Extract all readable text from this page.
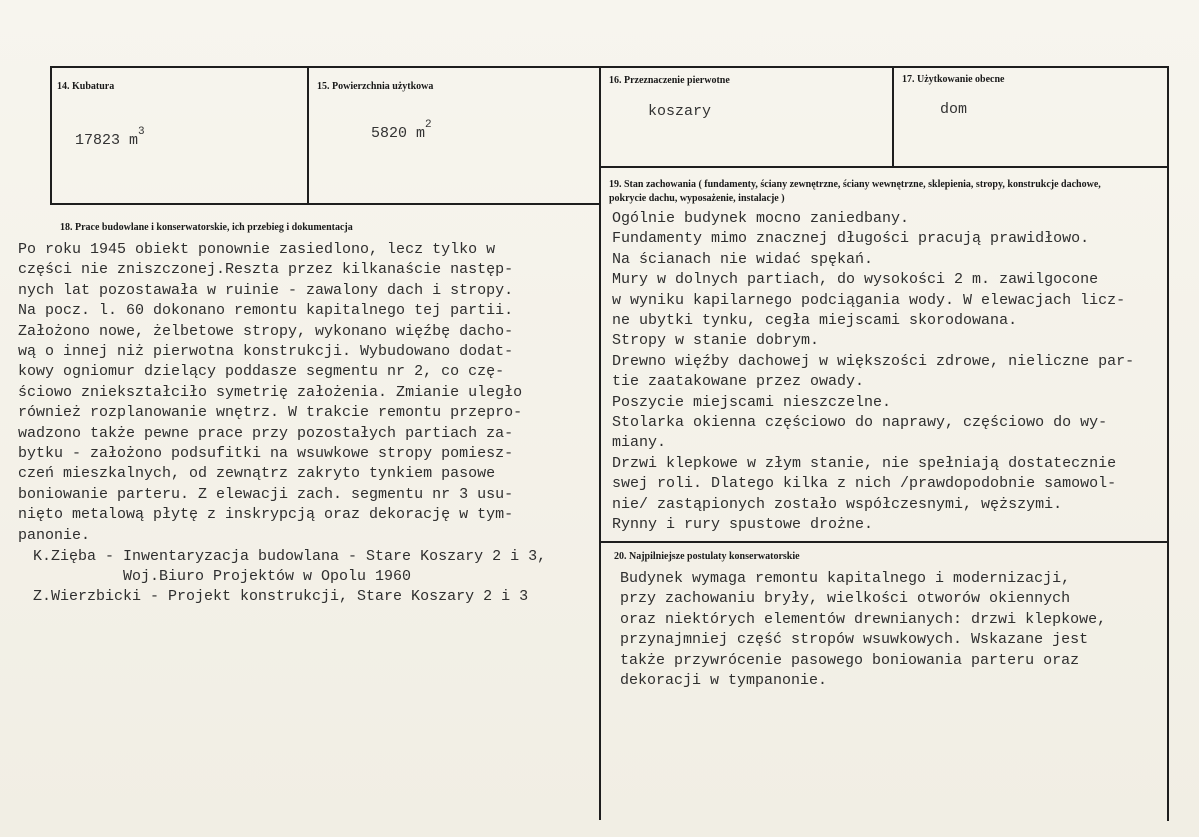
14. Kubatura
17823 $m^3$
15. Powierzchnia użytkowa
5820 $m^2$
16. Przeznaczenie pierwotne
koszary
17. Użytkowanie obecne
dom
19. Stan zachowania ( fundamenty, ściany zewnętrzne, ściany wewnętrzne, sklepienia, stropy, konstrukcje dachowe, pokrycie dachu, wyposażenie, instalacje )
Ogólnie budynek mocno zaniedbany.
Fundamenty mimo znacznej długości pracują prawidłowo.
Na ścianach nie widać spękań.
Mury w dolnych partiach, do wysokości 2 m. zawilgocone
w wyniku kapilarnego podciągania wody. W elewacjach licz-
ne ubytki tynku, cegła miejscami skorodowana.
Stropy w stanie dobrym.
Drewno więźby dachowej w większości zdrowe, nieliczne par-
tie zaatakowane przez owady.
Poszycie miejscami nieszczelne.
Stolarka okienna częściowo do naprawy, częściowo do wy-
miany.
Drzwi klepkowe w złym stanie, nie spełniają dostatecznie
swej roli. Dlatego kilka z nich /prawdopodobnie samowol-
nie/ zastąpionych zostało współczesnymi, węższymi.
Rynny i rury spustowe drożne.
18. Prace budowlane i konserwatorskie, ich przebieg i dokumentacja
Po roku 1945 obiekt ponownie zasiedlono, lecz tylko w
części nie zniszczonej.Reszta przez kilkanaście następ-
nych lat pozostawała w ruinie - zawalony dach i stropy.
Na pocz. l. 60 dokonano remontu kapitalnego tej partii.
Założono nowe, żelbetowe stropy, wykonano więźbę dacho-
wą o innej niż pierwotna konstrukcji. Wybudowano dodat-
kowy ogniomur dzielący poddasze segmentu nr 2, co czę-
ściowo zniekształciło symetrię założenia. Zmianie uległo
również rozplanowanie wnętrz. W trakcie remontu przepro-
wadzono także pewne prace przy pozostałych partiach za-
bytku - założono podsufitki na wsuwkowe stropy pomiesz-
czeń mieszkalnych, od zewnątrz zakryto tynkiem pasowe
boniowanie parteru. Z elewacji zach. segmentu nr 3 usu-
nięto metalową płytę z inskrypcją oraz dekorację w tym-
panonie.
K.Zięba - Inwentaryzacja budowlana - Stare Koszary 2 i 3,
Woj.Biuro Projektów w Opolu 1960
Z.Wierzbicki - Projekt konstrukcji, Stare Koszary 2 i 3
20. Najpilniejsze postulaty konserwatorskie
Budynek wymaga remontu kapitalnego i modernizacji,
przy zachowaniu bryły, wielkości otworów okiennych
oraz niektórych elementów drewnianych: drzwi klepkowe,
przynajmniej część stropów wsuwkowych. Wskazane jest
także przywrócenie pasowego boniowania parteru oraz
dekoracji w tympanonie.
